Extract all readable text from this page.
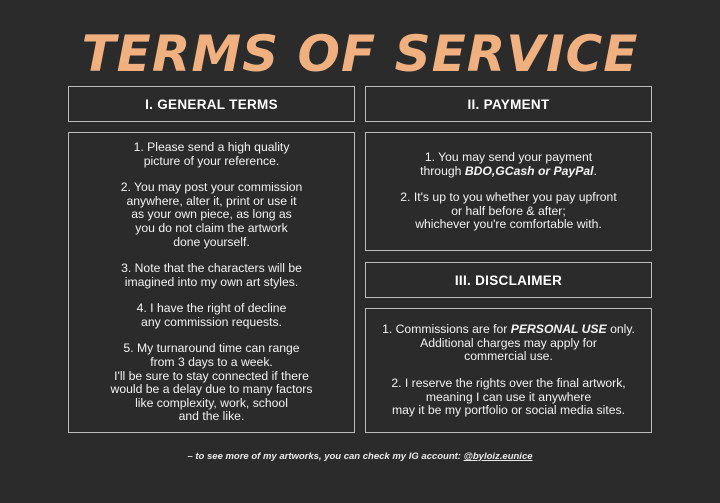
TERMS OF SERVICE
I. GENERAL TERMS

1. Please send a high quality
picture of your reference.

2. You may post your commission
anywhere, alter it, print or use it
as your own piece, as long as
you do not claim the artwork
done yourself.

3. Note that the characters will be
imagined into my own art styles.

4. I have the right of decline
any commission requests.

5. My turnaround time can range
from 3 days to a week.
I'll be sure to stay connected if there
would be a delay due to many factors
like complexity, work, school
and the like.

II. PAYMENT

1. You may send your payment
through BDO,GCash or PayPal.

2. It's up to you whether you pay upfront
or half before & after;
whichever you're comfortable with.

III. DISCLAIMER

1. Commissions are for PERSONAL USE only.
Additional charges may apply for
commercial use.

2. I reserve the rights over the final artwork,
meaning I can use it anywhere
may it be my portfolio or social media sites.

– to see more of my artworks, you can check my IG account: @byloiz.eunice
